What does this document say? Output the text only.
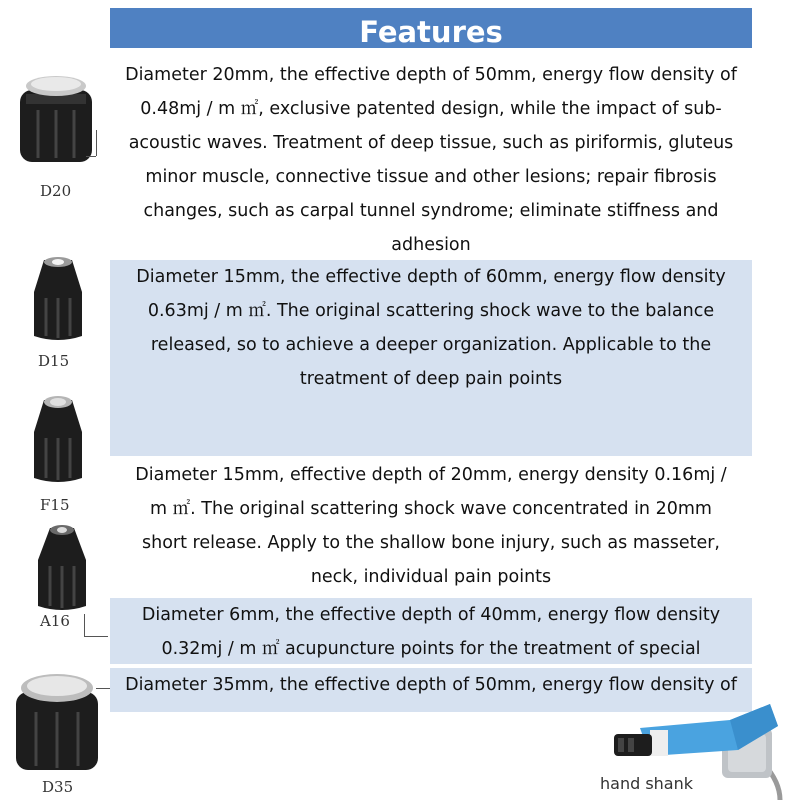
Features
Diameter 20mm, the effective depth of 50mm, energy flow density of 0.48mj / m ㎡, exclusive patented design, while the impact of sub-acoustic waves. Treatment of deep tissue, such as piriformis, gluteus minor muscle, connective tissue and other lesions; repair fibrosis changes, such as carpal tunnel syndrome; eliminate stiffness and adhesion
Diameter 15mm, the effective depth of 60mm, energy flow density 0.63mj / m ㎡. The original scattering shock wave to the balance released, so to achieve a deeper organization. Applicable to the treatment of deep pain points
Diameter 15mm, effective depth of 20mm, energy density 0.16mj / m ㎡. The original scattering shock wave concentrated in 20mm short release. Apply to the shallow bone injury, such as masseter, neck, individual pain points
Diameter 6mm, the effective depth of 40mm, energy flow density 0.32mj / m ㎡ acupuncture points for the treatment of special
Diameter 35mm, the effective depth of 50mm, energy flow density of
D20
D15
F15
A16
D35	hand shank
